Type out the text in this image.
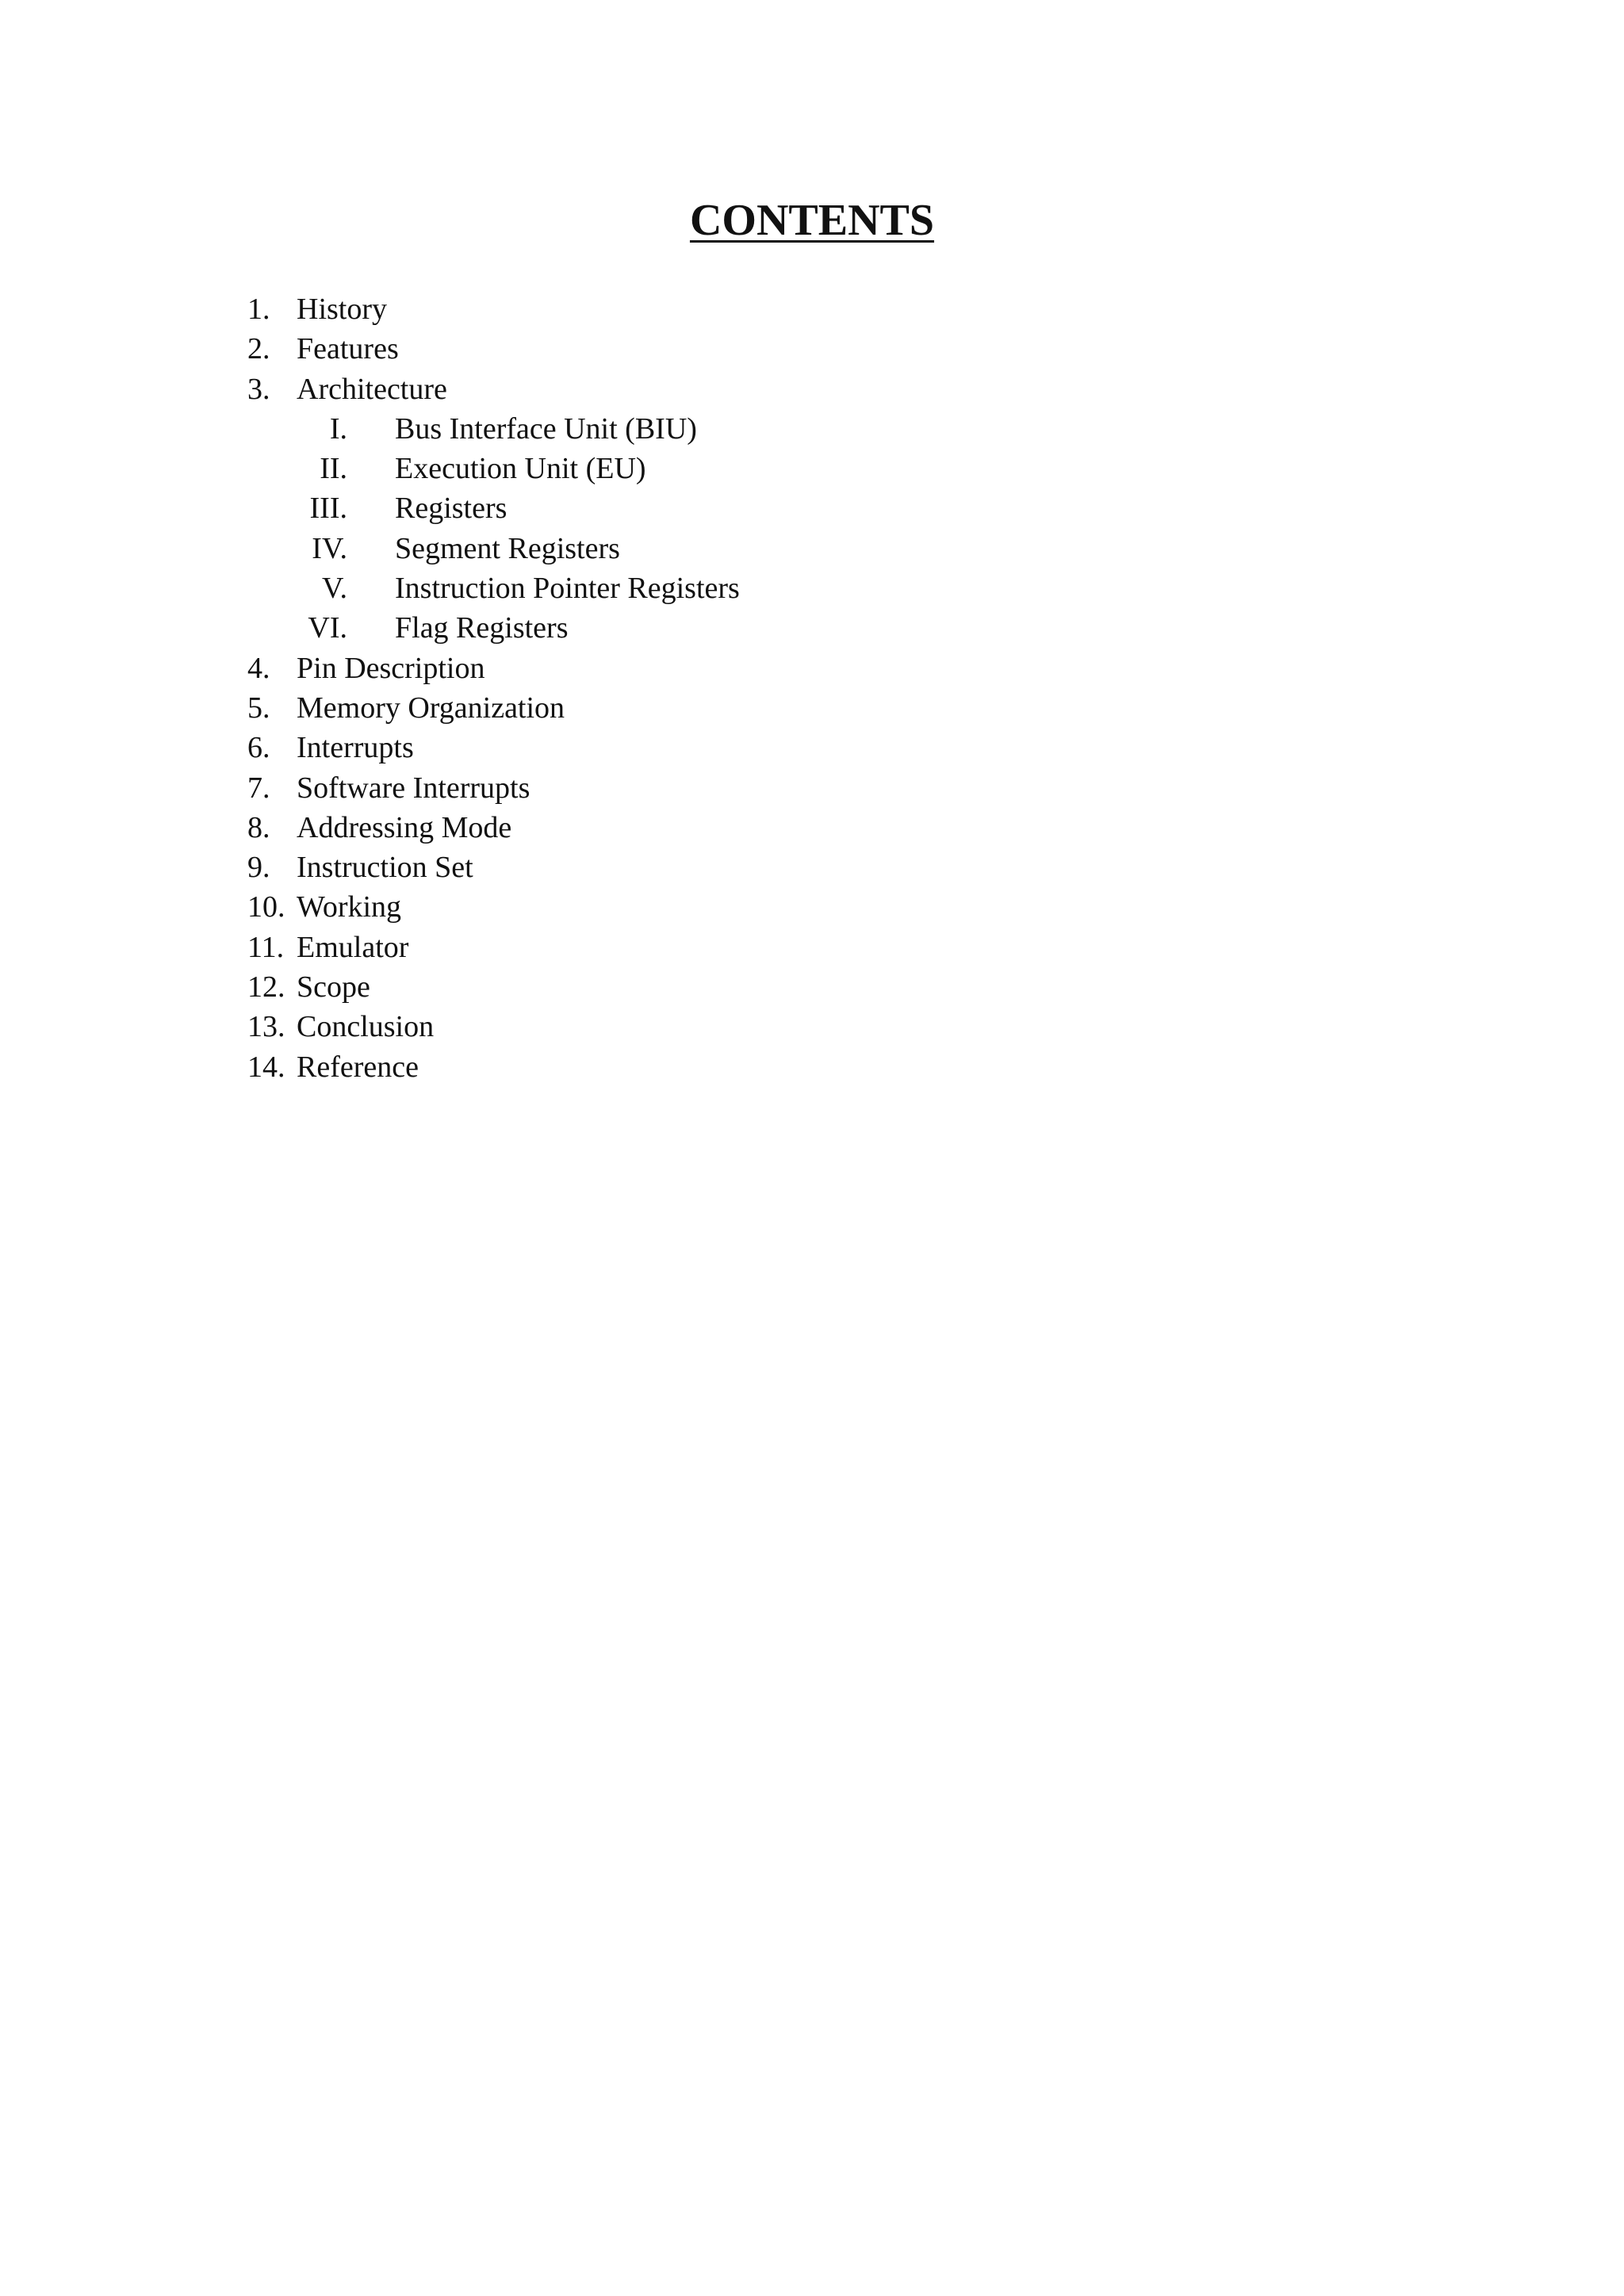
CONTENTS
1. History
2. Features
3. Architecture
I. Bus Interface Unit (BIU)
II. Execution Unit (EU)
III. Registers
IV. Segment Registers
V. Instruction Pointer Registers
VI. Flag Registers
4. Pin Description
5. Memory Organization
6. Interrupts
7. Software Interrupts
8. Addressing Mode
9. Instruction Set
10. Working
11. Emulator
12. Scope
13. Conclusion
14. Reference
